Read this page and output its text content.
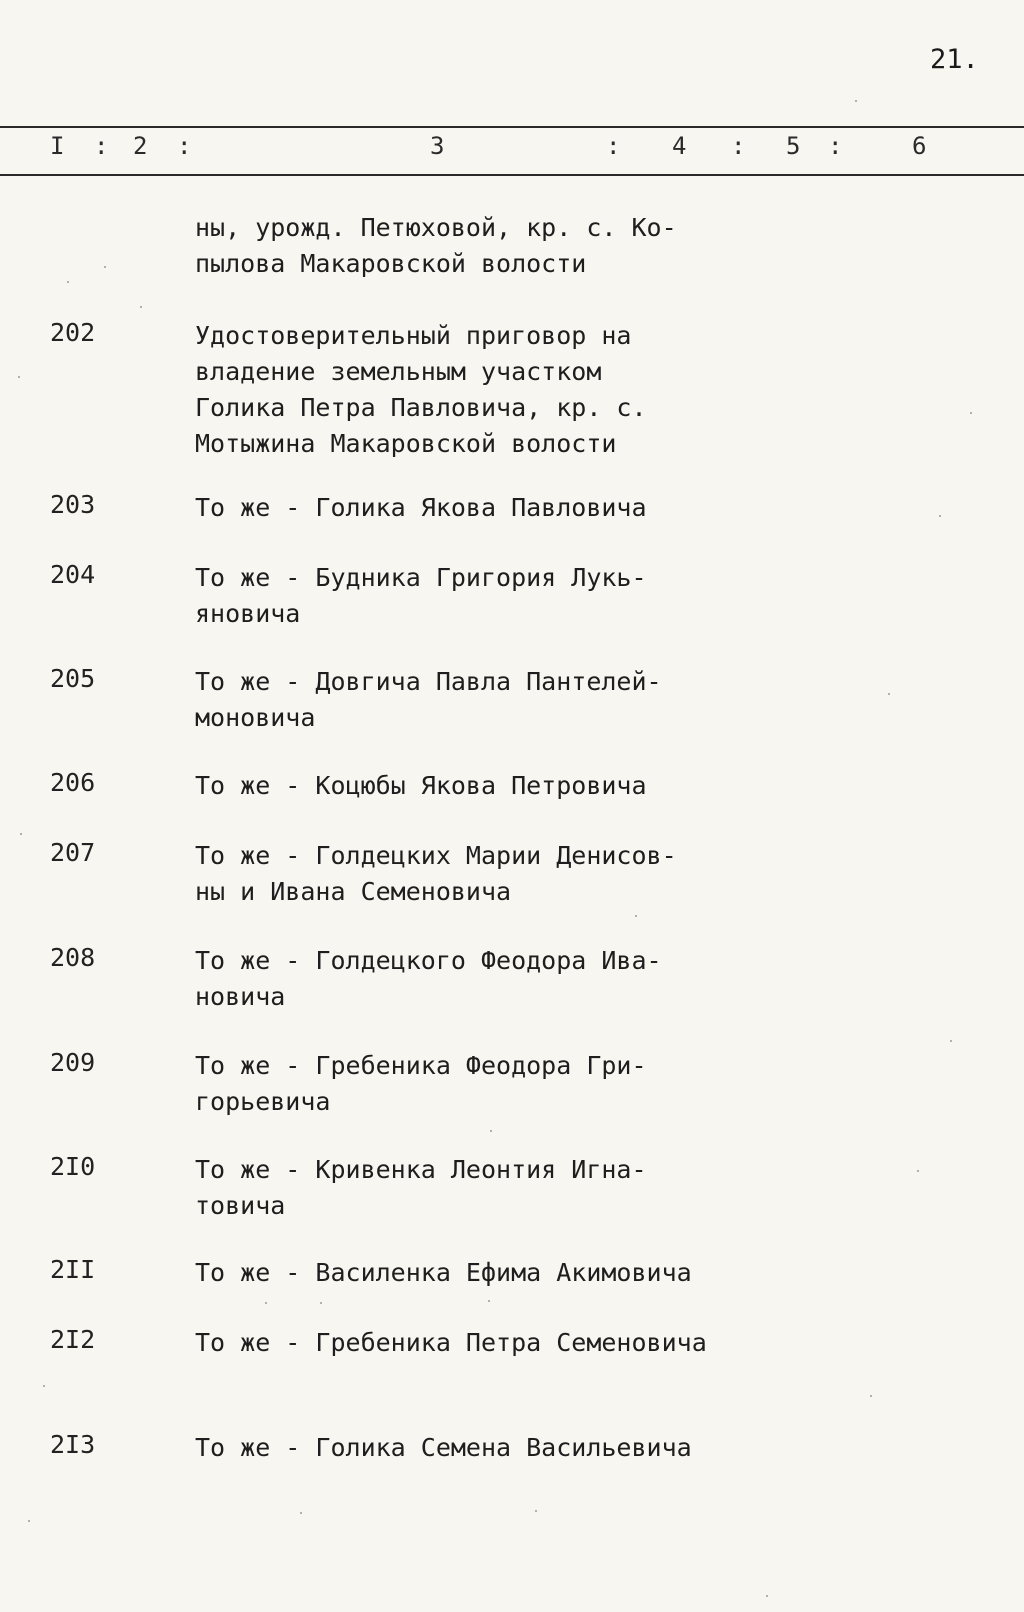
21.
I : 2 :	3	: 4 : 5 :	6
ны, урожд. Петюховой, кр. с. Ко-
пылова Макаровской волости
202	Удостоверительный приговор на
владение земельным участком
Голика Петра Павловича, кр. с.
Мотыжина Макаровской волости
203	То же - Голика Якова Павловича
204	То же - Будника Григория Лукь-
яновича
205	То же - Довгича Павла Пантелей-
моновича
206	То же - Коцюбы Якова Петровича
207	То же - Голдецких Марии Денисов-
ны и Ивана Семеновича
208	То же - Голдецкого Феодора Ива-
новича
209	То же - Гребеника Феодора Гри-
горьевича
2I0	То же - Кривенка Леонтия Игна-
товича
2II	То же - Василенка Ефима Акимовича
2I2	То же - Гребеника Петра Семеновича
2I3	То же - Голика Семена Васильевича
